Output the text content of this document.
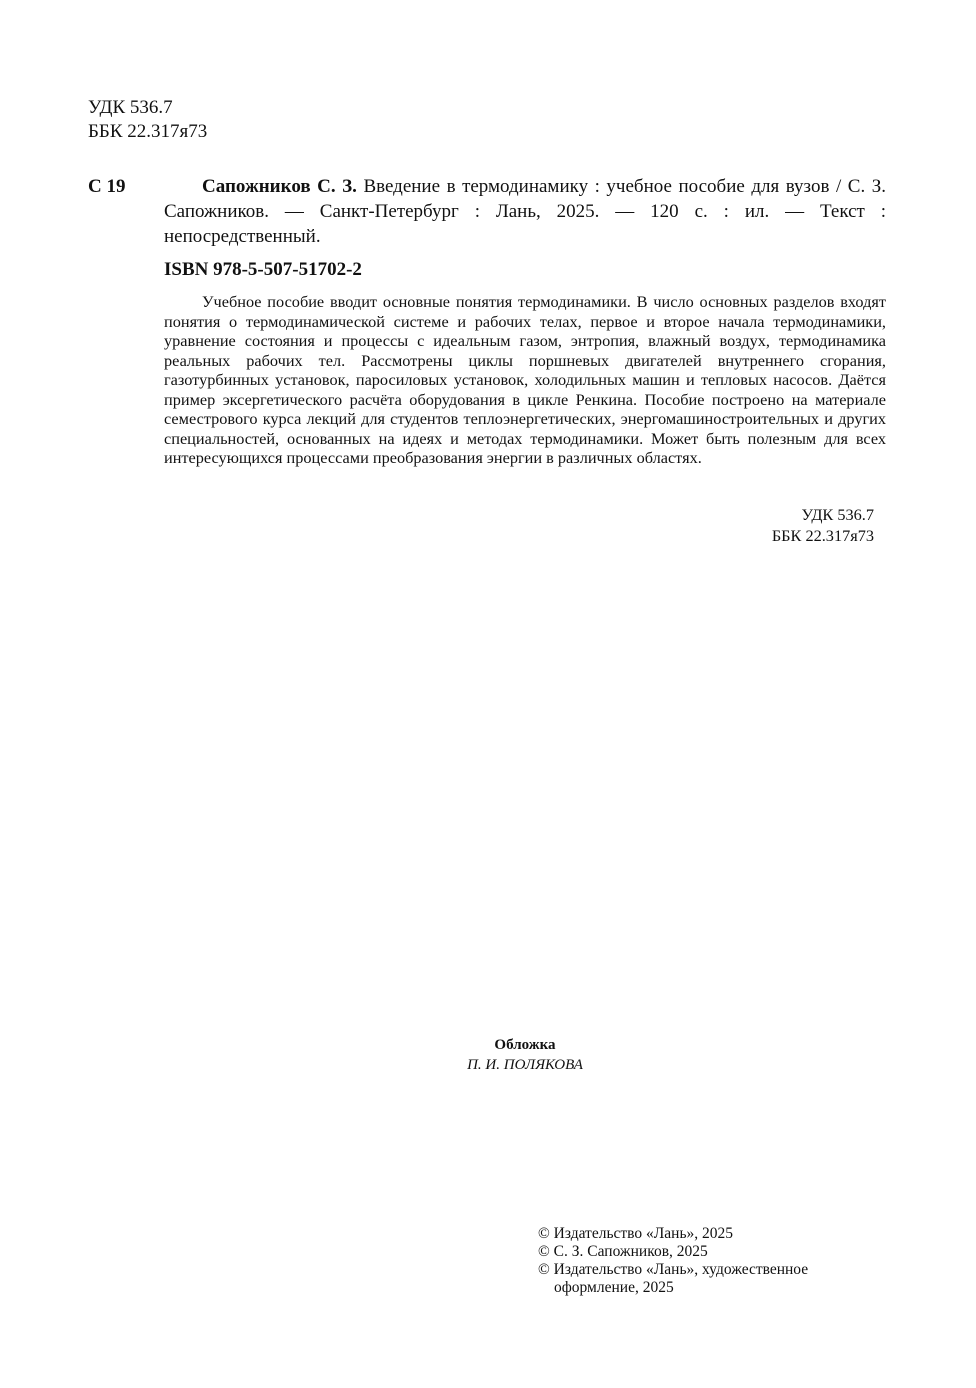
УДК 536.7
ББК 22.317я73
С 19	Сапожников С. З. Введение в термодинамику : учебное пособие для вузов / С. З. Сапожников. — Санкт-Петербург : Лань, 2025. — 120 с. : ил. — Текст : непосредственный.
ISBN 978-5-507-51702-2
Учебное пособие вводит основные понятия термодинамики. В число основных разделов входят понятия о термодинамической системе и рабочих телах, первое и второе начала термодинамики, уравнение состояния и процессы с идеальным газом, энтропия, влажный воздух, термодинамика реальных рабочих тел. Рассмотрены циклы поршневых двигателей внутреннего сгорания, газотурбинных установок, паросиловых установок, холодильных машин и тепловых насосов. Даётся пример эксергетического расчёта оборудования в цикле Ренкина. Пособие построено на материале семестрового курса лекций для студентов теплоэнергетических, энергомашиностроительных и других специальностей, основанных на идеях и методах термодинамики. Может быть полезным для всех интересующихся процессами преобразования энергии в различных областях.
УДК 536.7
ББК 22.317я73
Обложка
П. И. ПОЛЯКОВА
© Издательство «Лань», 2025
© С. З. Сапожников, 2025
© Издательство «Лань», художественное
оформление, 2025
